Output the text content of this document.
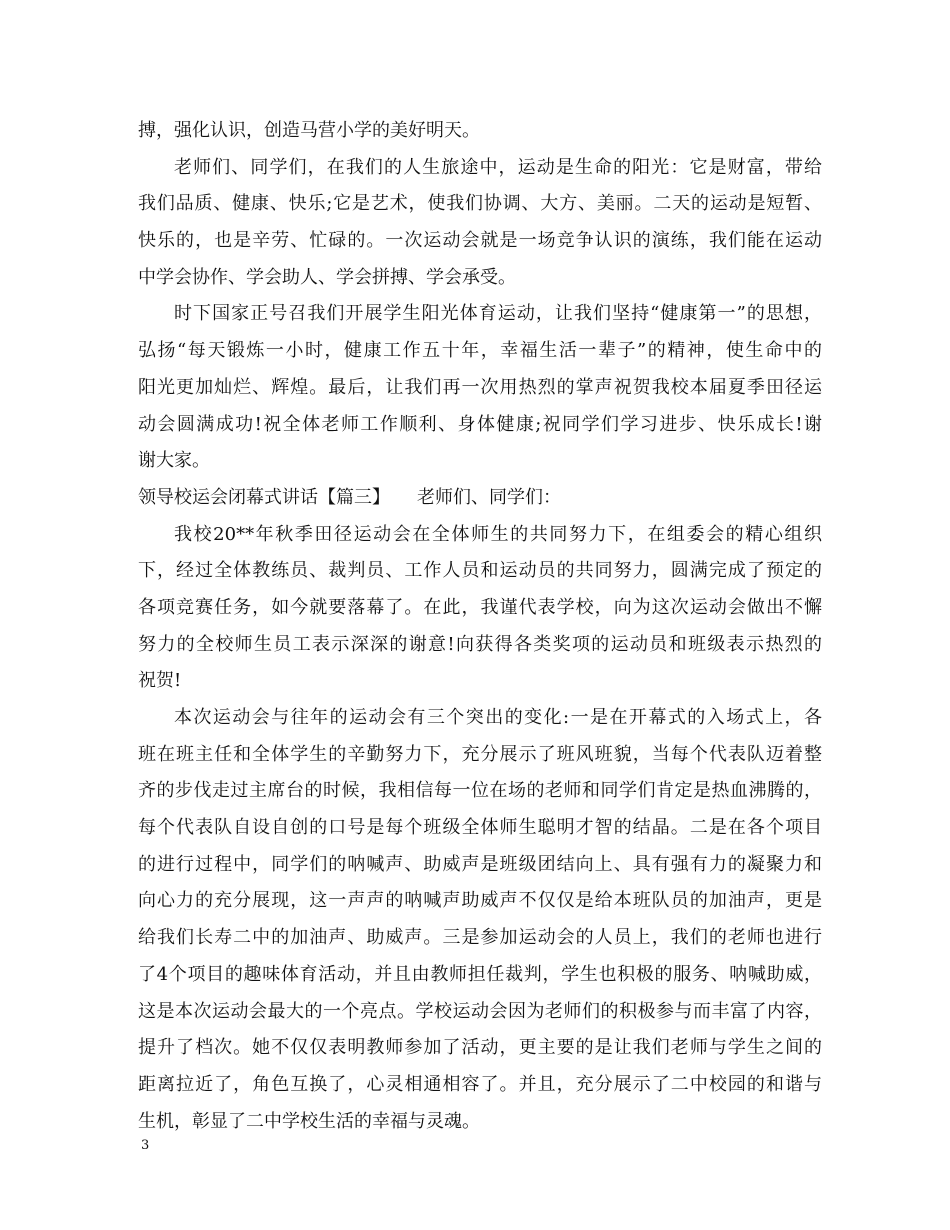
搏，强化认识，创造马营小学的美好明天。
老师们、同学们，在我们的人生旅途中，运动是生命的阳光：它是财富，带给
我们品质、健康、快乐;它是艺术，使我们协调、大方、美丽。二天的运动是短暂、
快乐的，也是辛劳、忙碌的。一次运动会就是一场竞争认识的演练，我们能在运动
中学会协作、学会助人、学会拼搏、学会承受。
时下国家正号召我们开展学生阳光体育运动，让我们坚持“健康第一”的思想，
弘扬“每天锻炼一小时，健康工作五十年，幸福生活一辈子”的精神，使生命中的
阳光更加灿烂、辉煌。最后，让我们再一次用热烈的掌声祝贺我校本届夏季田径运
动会圆满成功!祝全体老师工作顺利、身体健康;祝同学们学习进步、快乐成长!谢
谢大家。
领导校运会闭幕式讲话【篇三】　　老师们、同学们：
我校20**年秋季田径运动会在全体师生的共同努力下，在组委会的精心组织
下，经过全体教练员、裁判员、工作人员和运动员的共同努力，圆满完成了预定的
各项竞赛任务，如今就要落幕了。在此，我谨代表学校，向为这次运动会做出不懈
努力的全校师生员工表示深深的谢意!向获得各类奖项的运动员和班级表示热烈的
祝贺!
本次运动会与往年的运动会有三个突出的变化:一是在开幕式的入场式上，各
班在班主任和全体学生的辛勤努力下，充分展示了班风班貌，当每个代表队迈着整
齐的步伐走过主席台的时候，我相信每一位在场的老师和同学们肯定是热血沸腾的，
每个代表队自设自创的口号是每个班级全体师生聪明才智的结晶。二是在各个项目
的进行过程中，同学们的呐喊声、助威声是班级团结向上、具有强有力的凝聚力和
向心力的充分展现，这一声声的呐喊声助威声不仅仅是给本班队员的加油声，更是
给我们长寿二中的加油声、助威声。三是参加运动会的人员上，我们的老师也进行
了4个项目的趣味体育活动，并且由教师担任裁判，学生也积极的服务、呐喊助威，
这是本次运动会最大的一个亮点。学校运动会因为老师们的积极参与而丰富了内容，
提升了档次。她不仅仅表明教师参加了活动，更主要的是让我们老师与学生之间的
距离拉近了，角色互换了，心灵相通相容了。并且，充分展示了二中校园的和谐与
生机，彰显了二中学校生活的幸福与灵魂。
3
